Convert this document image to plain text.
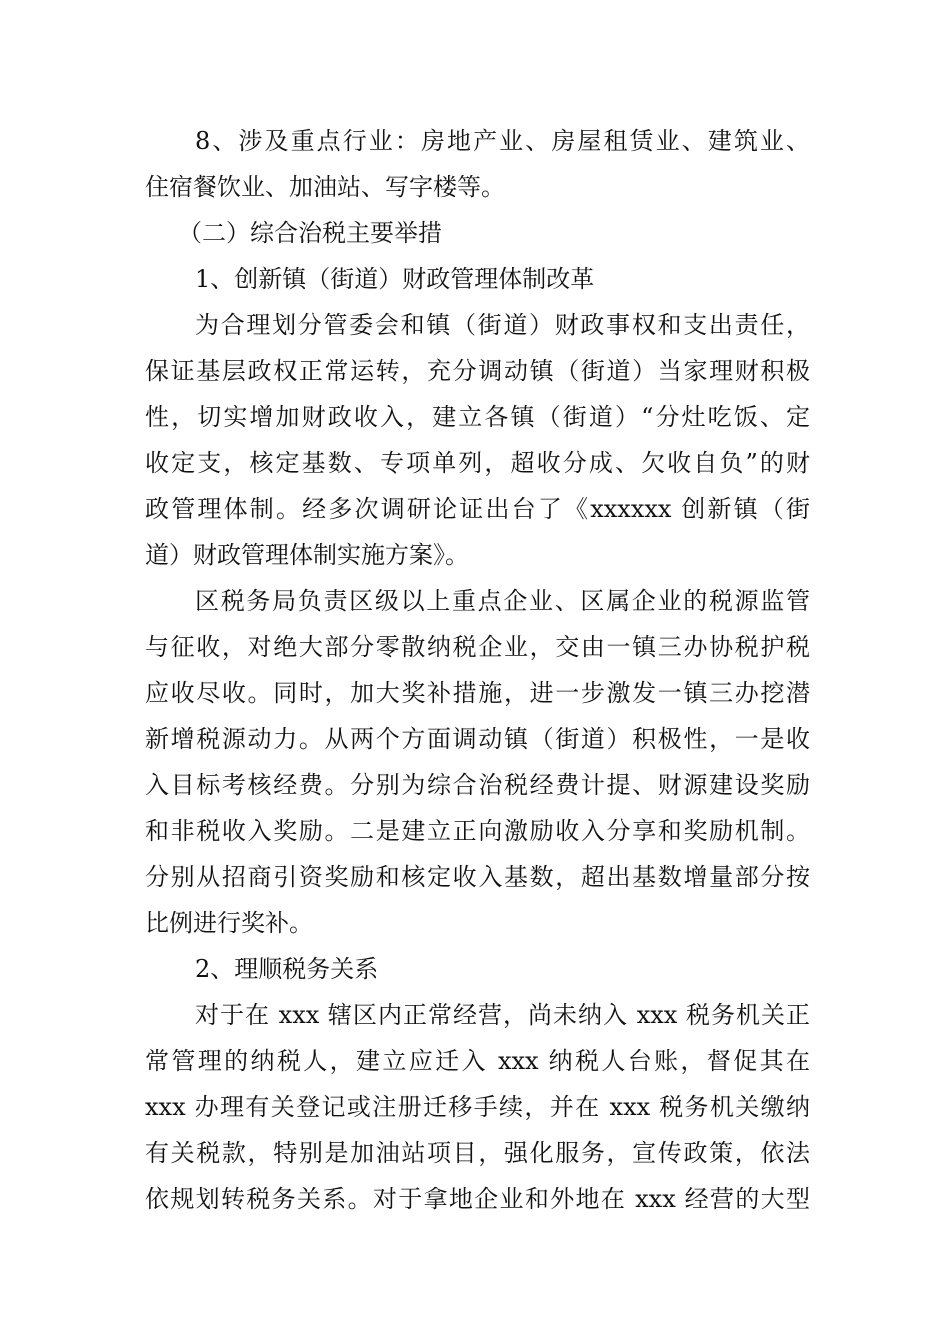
8、涉及重点行业：房地产业、房屋租赁业、建筑业、
住宿餐饮业、加油站、写字楼等。
（二）综合治税主要举措
1、创新镇（街道）财政管理体制改革
为合理划分管委会和镇（街道）财政事权和支出责任，
保证基层政权正常运转，充分调动镇（街道）当家理财积极
性，切实增加财政收入，建立各镇（街道）“分灶吃饭、定
收定支，核定基数、专项单列，超收分成、欠收自负”的财
政管理体制。经多次调研论证出台了《xxxxxx 创新镇（街
道）财政管理体制实施方案》。
区税务局负责区级以上重点企业、区属企业的税源监管
与征收，对绝大部分零散纳税企业，交由一镇三办协税护税
应收尽收。同时，加大奖补措施，进一步激发一镇三办挖潜
新增税源动力。从两个方面调动镇（街道）积极性，一是收
入目标考核经费。分别为综合治税经费计提、财源建设奖励
和非税收入奖励。二是建立正向激励收入分享和奖励机制。
分别从招商引资奖励和核定收入基数，超出基数增量部分按
比例进行奖补。
2、理顺税务关系
对于在 xxx 辖区内正常经营，尚未纳入 xxx 税务机关正
常管理的纳税人，建立应迁入 xxx 纳税人台账，督促其在
xxx 办理有关登记或注册迁移手续，并在 xxx 税务机关缴纳
有关税款，特别是加油站项目，强化服务，宣传政策，依法
依规划转税务关系。对于拿地企业和外地在 xxx 经营的大型
